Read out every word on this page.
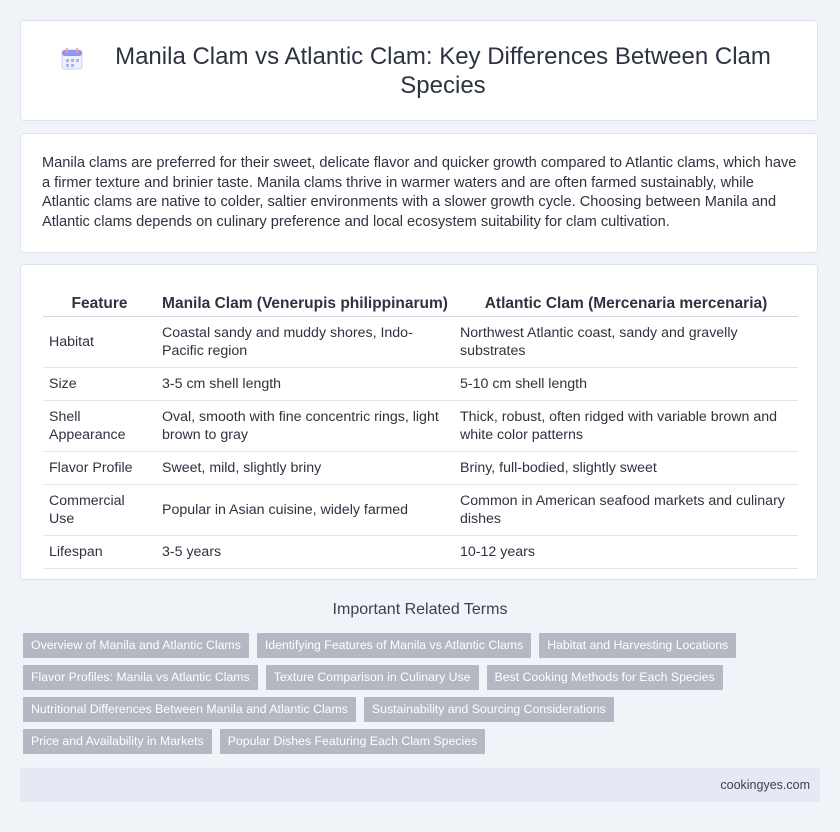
Manila Clam vs Atlantic Clam: Key Differences Between Clam Species

Manila clams are preferred for their sweet, delicate flavor and quicker growth compared to Atlantic clams, which have a firmer texture and brinier taste. Manila clams thrive in warmer waters and are often farmed sustainably, while Atlantic clams are native to colder, saltier environments with a slower growth cycle. Choosing between Manila and Atlantic clams depends on culinary preference and local ecosystem suitability for clam cultivation.

Feature	Manila Clam (Venerupis philippinarum)	Atlantic Clam (Mercenaria mercenaria)
Habitat	Coastal sandy and muddy shores, Indo-Pacific region	Northwest Atlantic coast, sandy and gravelly substrates
Size	3-5 cm shell length	5-10 cm shell length
Shell Appearance	Oval, smooth with fine concentric rings, light brown to gray	Thick, robust, often ridged with variable brown and white color patterns
Flavor Profile	Sweet, mild, slightly briny	Briny, full-bodied, slightly sweet
Commercial Use	Popular in Asian cuisine, widely farmed	Common in American seafood markets and culinary dishes
Lifespan	3-5 years	10-12 years
Important Related Terms
Overview of Manila and Atlantic Clams	Identifying Features of Manila vs Atlantic Clams	Habitat and Harvesting Locations
Flavor Profiles: Manila vs Atlantic Clams	Texture Comparison in Culinary Use	Best Cooking Methods for Each Species
Nutritional Differences Between Manila and Atlantic Clams	Sustainability and Sourcing Considerations
Price and Availability in Markets	Popular Dishes Featuring Each Clam Species
cookingyes.com
